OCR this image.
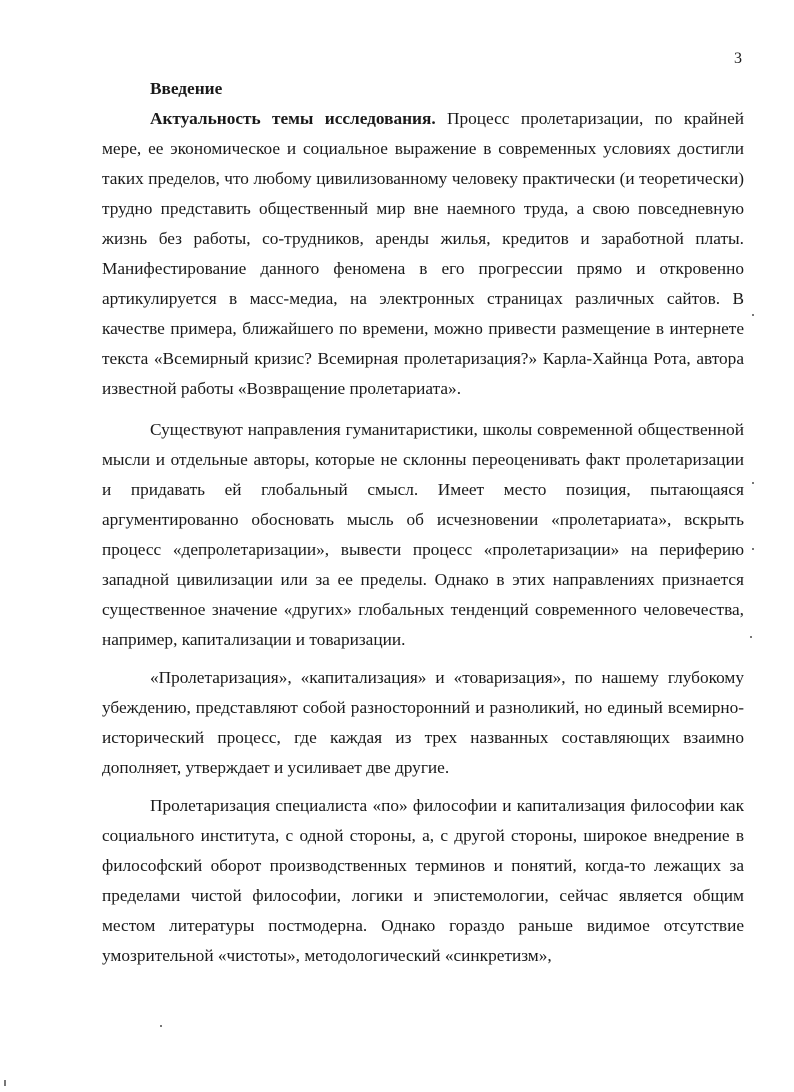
3
Введение

Актуальность темы исследования. Процесс пролетаризации, по крайней мере, ее экономическое и социальное выражение в современных условиях достигли таких пределов, что любому цивилизованному человеку практически (и теоретически) трудно представить общественный мир вне наемного труда, а свою повседневную жизнь без работы, со-трудников, аренды жилья, кредитов и заработной платы. Манифестирование данного феномена в его прогрессии прямо и откровенно артикулируется в масс-медиа, на электронных страницах различных сайтов. В качестве примера, ближайшего по времени, можно привести размещение в интернете текста «Всемирный кризис? Всемирная пролетаризация?» Карла-Хайнца Рота, автора известной работы «Возвращение пролетариата».

Существуют направления гуманитаристики, школы современной общественной мысли и отдельные авторы, которые не склонны переоценивать факт пролетаризации и придавать ей глобальный смысл. Имеет место позиция, пытающаяся аргументированно обосновать мысль об исчезновении «пролетариата», вскрыть процесс «депролетаризации», вывести процесс «пролетаризации» на периферию западной цивилизации или за ее пределы. Однако в этих направлениях признается существенное значение «других» глобальных тенденций современного человечества, например, капитализации и товаризации.

«Пролетаризация», «капитализация» и «товаризация», по нашему глубокому убеждению, представляют собой разносторонний и разноликий, но единый всемирно-исторический процесс, где каждая из трех названных составляющих взаимно дополняет, утверждает и усиливает две другие.

Пролетаризация специалиста «по» философии и капитализация философии как социального института, с одной стороны, а, с другой стороны, широкое внедрение в философский оборот производственных терминов и понятий, когда-то лежащих за пределами чистой философии, логики и эпистемологии, сейчас является общим местом литературы постмодерна. Однако гораздо раньше видимое отсутствие умозрительной «чистоты», методологический «синкретизм»,
